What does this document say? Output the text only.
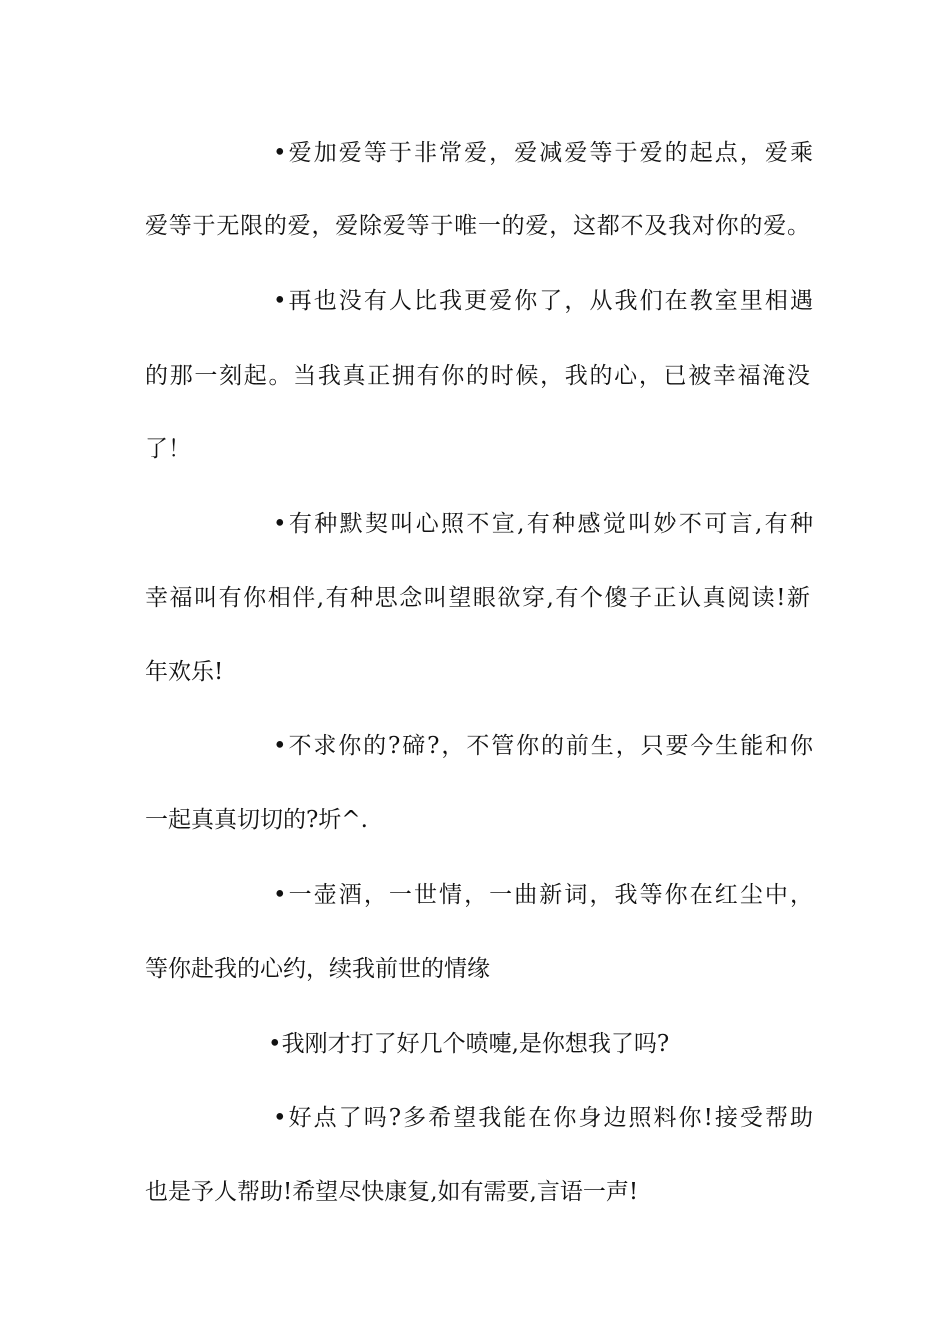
•爱加爱等于非常爱，爱减爱等于爱的起点，爱乘
爱等于无限的爱，爱除爱等于唯一的爱，这都不及我对你的爱。
•再也没有人比我更爱你了，从我们在教室里相遇
的那一刻起。当我真正拥有你的时候，我的心，已被幸福淹没
了！
•有种默契叫心照不宣,有种感觉叫妙不可言,有种
幸福叫有你相伴,有种思念叫望眼欲穿,有个傻子正认真阅读!新
年欢乐!
•不求你的?碲?，不管你的前生，只要今生能和你
一起真真切切的?圻^.
•一壶酒，一世情，一曲新词，我等你在红尘中，
等你赴我的心约，续我前世的情缘
•我刚才打了好几个喷嚏,是你想我了吗?
•好点了吗?多希望我能在你身边照料你!接受帮助
也是予人帮助!希望尽快康复,如有需要,言语一声!
